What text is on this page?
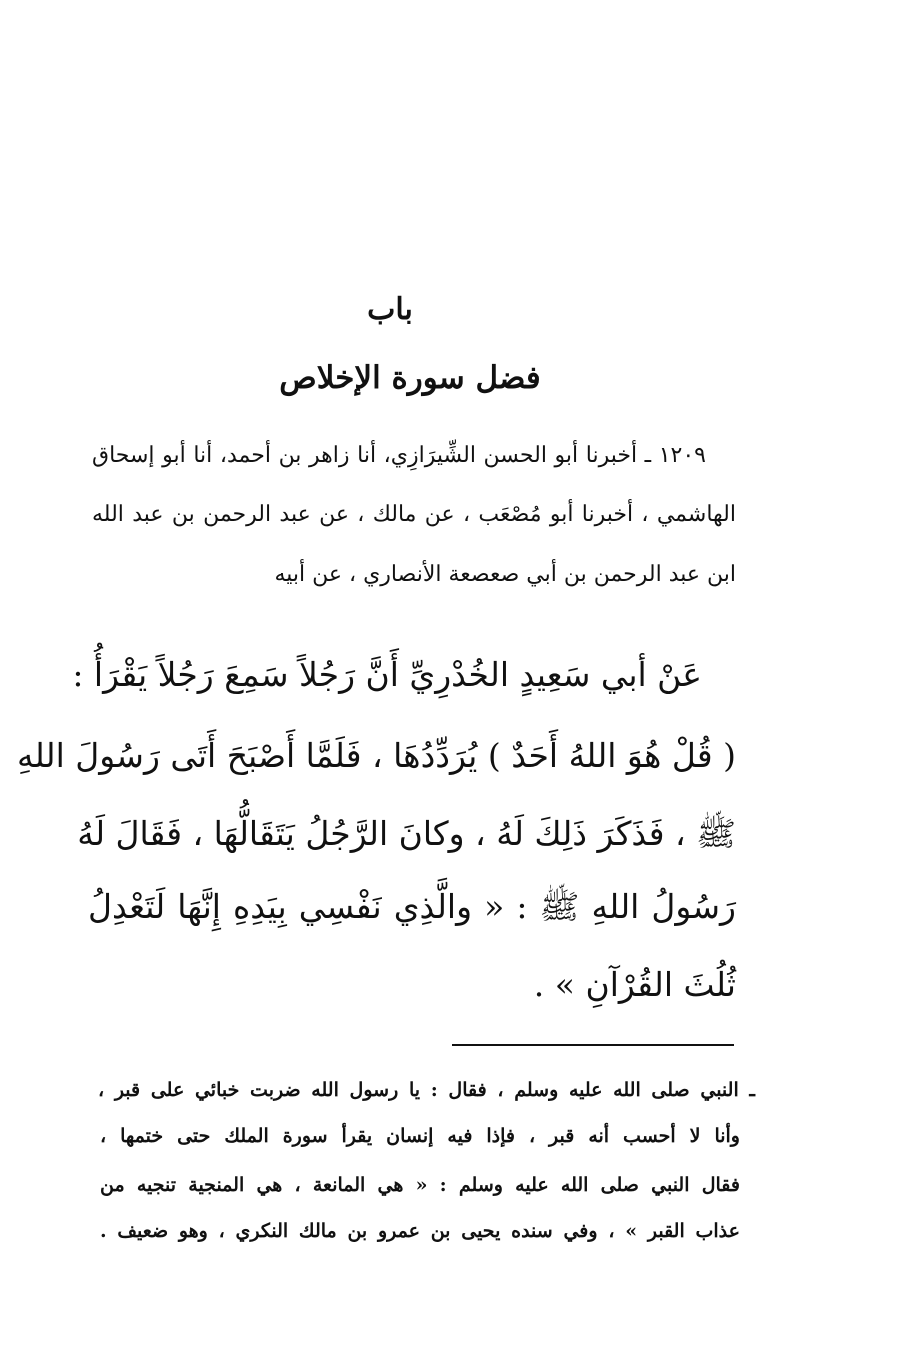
باب
فضل سورة الإخلاص
١٢٠٩ ـ أخبرنا أبو الحسن الشِّيرَازِي، أنا زاهر بن أحمد، أنا أبو إسحاق
الهاشمي ، أخبرنا أبو مُصْعَب ، عن مالك ، عن عبد الرحمن بن عبد الله
ابن عبد الرحمن بن أبي صعصعة الأنصاري ، عن أبيه
عَنْ أبي سَعِيدٍ الخُدْرِيِّ أَنَّ رَجُلاً سَمِعَ رَجُلاً يَقْرَأُ :
( قُلْ هُوَ اللهُ أَحَدٌ ) يُرَدِّدُهَا ، فَلَمَّا أَصْبَحَ أَتَى رَسُولَ اللهِ
ﷺ ، فَذَكَرَ ذَلِكَ لَهُ ، وكانَ الرَّجُلُ يَتَقَالُّهَا ، فَقَالَ لَهُ
رَسُولُ اللهِ ﷺ : « والَّذِي نَفْسِي بِيَدِهِ إِنَّهَا لَتَعْدِلُ
ثُلُثَ القُرْآنِ » .
ـ النبي صلى الله عليه وسلم ، فقال : يا رسول الله ضربت خبائي على قبر ،
وأنا لا أحسب أنه قبر ، فإذا فيه إنسان يقرأ سورة الملك حتى ختمها ،
فقال النبي صلى الله عليه وسلم : « هي المانعة ، هي المنجية تنجيه من
عذاب القبر » ، وفي سنده يحيى بن عمرو بن مالك النكري ، وهو ضعيف .
